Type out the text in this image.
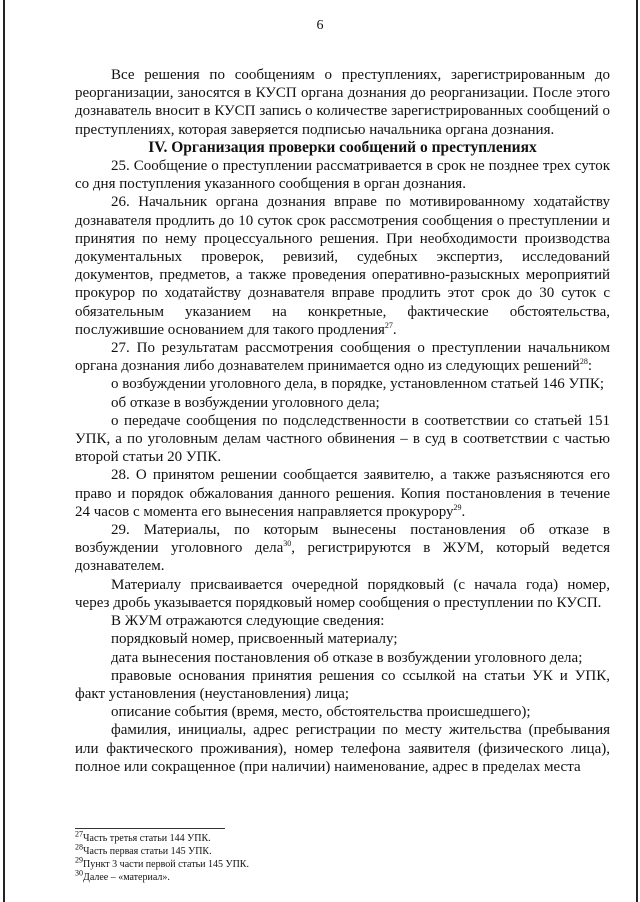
6

Все решения по сообщениям о преступлениях, зарегистрированным до реорганизации, заносятся в КУСП органа дознания до реорганизации. После этого дознаватель вносит в КУСП запись о количестве зарегистрированных сообщений о преступлениях, которая заверяется подписью начальника органа дознания.

IV. Организация проверки сообщений о преступлениях

25. Сообщение о преступлении рассматривается в срок не позднее трех суток со дня поступления указанного сообщения в орган дознания.

26. Начальник органа дознания вправе по мотивированному ходатайству дознавателя продлить до 10 суток срок рассмотрения сообщения о преступлении и принятия по нему процессуального решения. При необходимости производства документальных проверок, ревизий, судебных экспертиз, исследований документов, предметов, а также проведения оперативно-разыскных мероприятий прокурор по ходатайству дознавателя вправе продлить этот срок до 30 суток с обязательным указанием на конкретные, фактические обстоятельства, послужившие основанием для такого продления$^{27}$.

27. По результатам рассмотрения сообщения о преступлении начальником органа дознания либо дознавателем принимается одно из следующих решений$^{28}$:

о возбуждении уголовного дела, в порядке, установленном статьей 146 УПК;

об отказе в возбуждении уголовного дела;

о передаче сообщения по подследственности в соответствии со статьей 151 УПК, а по уголовным делам частного обвинения – в суд в соответствии с частью второй статьи 20 УПК.

28. О принятом решении сообщается заявителю, а также разъясняются его право и порядок обжалования данного решения. Копия постановления в течение 24 часов с момента его вынесения направляется прокурору$^{29}$.

29. Материалы, по которым вынесены постановления об отказе в возбуждении уголовного дела$^{30}$, регистрируются в ЖУМ, который ведется дознавателем.

Материалу присваивается очередной порядковый (с начала года) номер, через дробь указывается порядковый номер сообщения о преступлении по КУСП.

В ЖУМ отражаются следующие сведения:

порядковый номер, присвоенный материалу;

дата вынесения постановления об отказе в возбуждении уголовного дела;

правовые основания принятия решения со ссылкой на статьи УК и УПК, факт установления (неустановления) лица;

описание события (время, место, обстоятельства происшедшего);

фамилия, инициалы, адрес регистрации по месту жительства (пребывания или фактического проживания), номер телефона заявителя (физического лица), полное или сокращенное (при наличии) наименование, адрес в пределах места

$^{27}$Часть третья статьи 144 УПК.
$^{28}$Часть первая статьи 145 УПК.
$^{29}$Пункт 3 части первой статьи 145 УПК.
$^{30}$Далее – «материал».
